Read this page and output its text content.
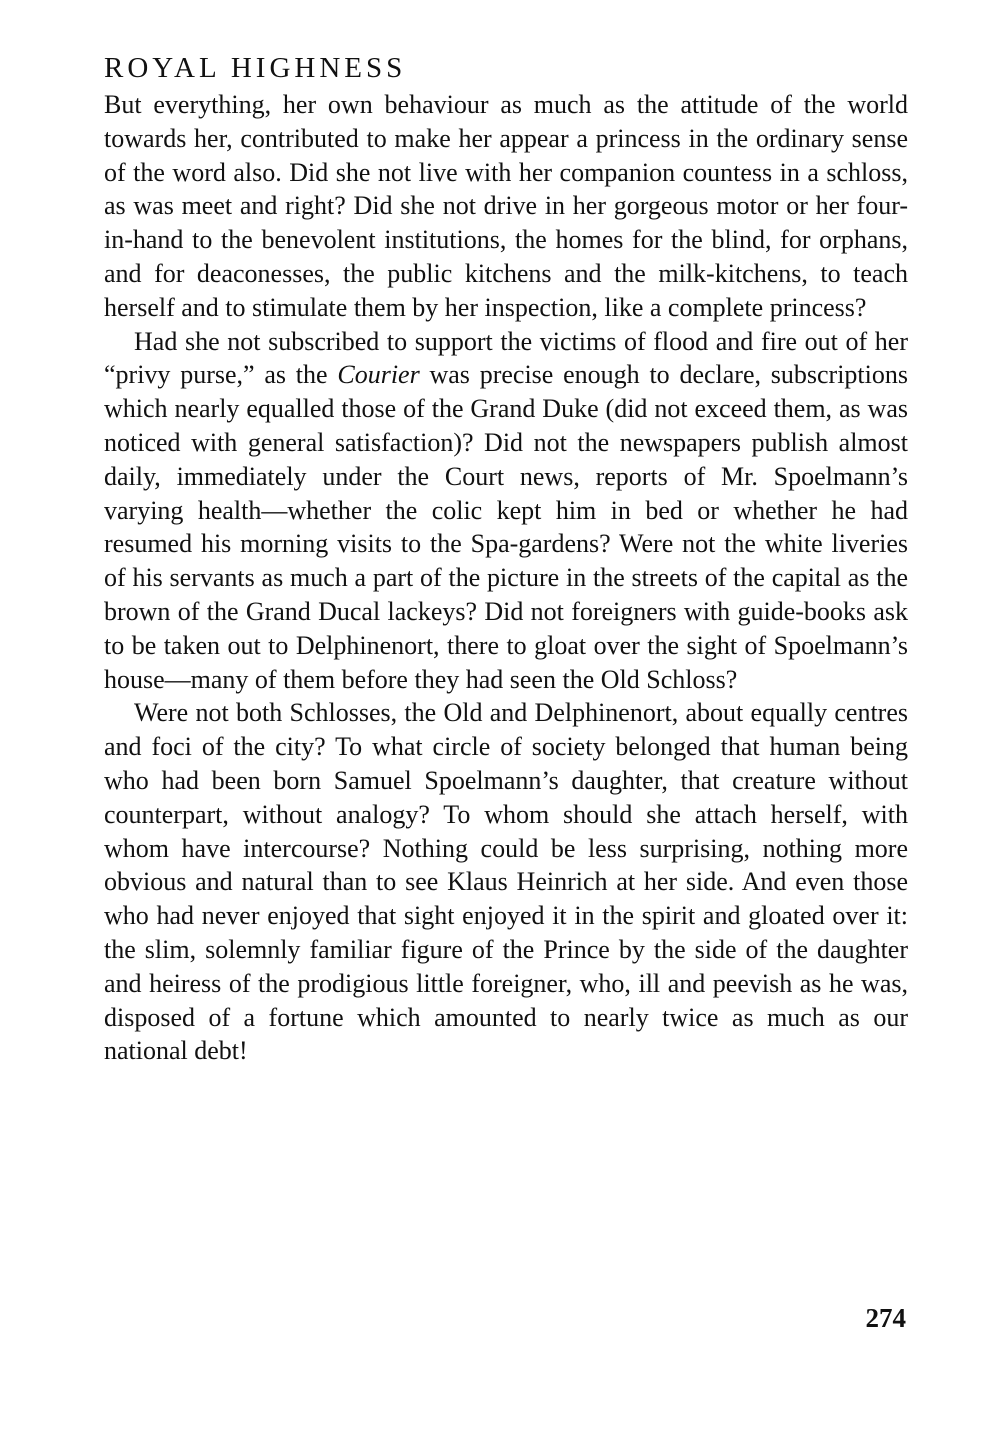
ROYAL HIGHNESS

But everything, her own behaviour as much as the attitude of the world towards her, contributed to make her appear a princess in the ordinary sense of the word also. Did she not live with her companion countess in a schloss, as was meet and right? Did she not drive in her gorgeous motor or her four-in-hand to the benevolent institutions, the homes for the blind, for orphans, and for deaconesses, the public kitchens and the milk-kitchens, to teach herself and to stimulate them by her inspection, like a complete princess?

Had she not subscribed to support the victims of flood and fire out of her “privy purse,” as the Courier was precise enough to declare, subscriptions which nearly equalled those of the Grand Duke (did not exceed them, as was noticed with general satisfaction)? Did not the newspapers publish almost daily, immediately under the Court news, reports of Mr. Spoelmann’s varying health—whether the colic kept him in bed or whether he had resumed his morning visits to the Spa-gardens? Were not the white liveries of his servants as much a part of the picture in the streets of the capital as the brown of the Grand Ducal lackeys? Did not foreigners with guide-books ask to be taken out to Delphinenort, there to gloat over the sight of Spoelmann’s house—many of them before they had seen the Old Schloss?

Were not both Schlosses, the Old and Delphinenort, about equally centres and foci of the city? To what circle of society belonged that human being who had been born Samuel Spoelmann’s daughter, that creature without counterpart, without analogy? To whom should she attach herself, with whom have intercourse? Nothing could be less surprising, nothing more obvious and natural than to see Klaus Heinrich at her side. And even those who had never enjoyed that sight enjoyed it in the spirit and gloated over it: the slim, solemnly familiar figure of the Prince by the side of the daughter and heiress of the prodigious little foreigner, who, ill and peevish as he was, disposed of a fortune which amounted to nearly twice as much as our national debt!

274
